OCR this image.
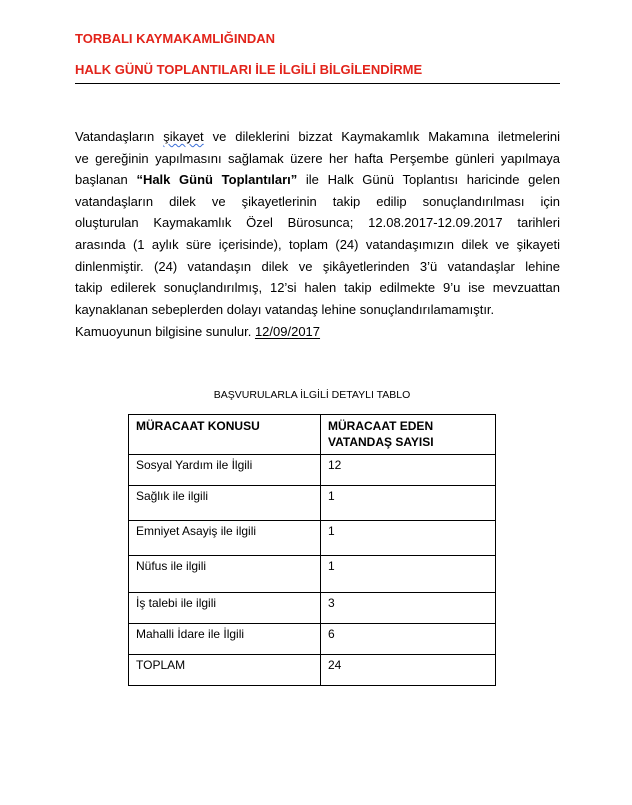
TORBALI KAYMAKAMLIĞINDAN
HALK GÜNÜ TOPLANTILARI İLE İLGİLİ BİLGİLENDİRME
Vatandaşların şikayet ve dileklerini bizzat Kaymakamlık Makamına iletmelerini
ve gereğinin yapılmasını sağlamak üzere her hafta Perşembe günleri yapılmaya
başlanan “Halk Günü Toplantıları” ile Halk Günü Toplantısı haricinde gelen
vatandaşların dilek ve şikayetlerinin takip edilip sonuçlandırılması için
oluşturulan Kaymakamlık Özel Bürosunca; 12.08.2017-12.09.2017 tarihleri
arasında (1 aylık süre içerisinde), toplam (24) vatandaşımızın dilek ve şikayeti
dinlenmiştir. (24) vatandaşın dilek ve şikâyetlerinden 3’ü vatandaşlar lehine
takip edilerek sonuçlandırılmış, 12’si halen takip edilmekte 9’u ise mevzuattan
kaynaklanan sebeplerden dolayı vatandaş lehine sonuçlandırılamamıştır.
Kamuoyunun bilgisine sunulur. 12/09/2017
BAŞVURULARLA İLGİLİ DETAYLI TABLO
MÜRACAAT KONUSU	MÜRACAAT EDEN
VATANDAŞ SAYISI
Sosyal Yardım ile İlgili	12
Sağlık ile ilgili	1
Emniyet Asayiş ile ilgili	1
Nüfus ile ilgili	1
İş talebi ile ilgili	3
Mahalli İdare ile İlgili	6
TOPLAM	24
